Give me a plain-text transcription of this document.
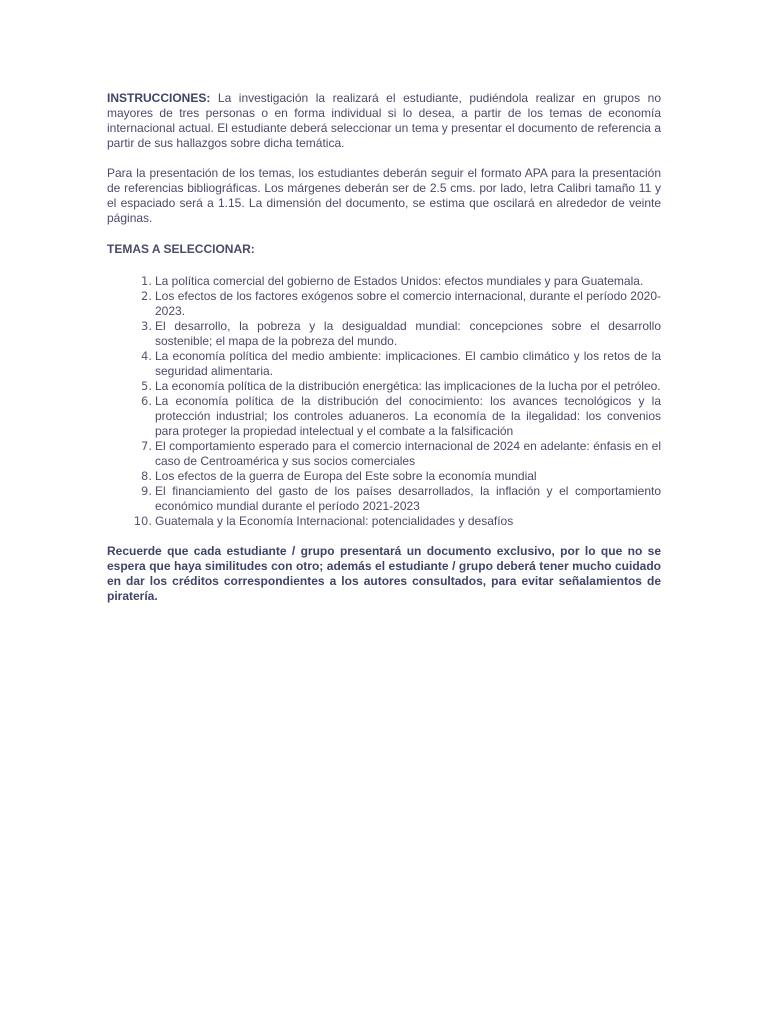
INSTRUCCIONES: La investigación la realizará el estudiante, pudiéndola realizar en grupos no mayores de tres personas o en forma individual si lo desea, a partir de los temas de economía internacional actual. El estudiante deberá seleccionar un tema y presentar el documento de referencia a partir de sus hallazgos sobre dicha temática.

Para la presentación de los temas, los estudiantes deberán seguir el formato APA para la presentación de referencias bibliográficas. Los márgenes deberán ser de 2.5 cms. por lado, letra Calibri tamaño 11 y el espaciado será a 1.15. La dimensión del documento, se estima que oscilará en alrededor de veinte páginas.

TEMAS A SELECCIONAR:
1. La política comercial del gobierno de Estados Unidos: efectos mundiales y para Guatemala.
2. Los efectos de los factores exógenos sobre el comercio internacional, durante el período 2020-2023.
3. El desarrollo, la pobreza y la desigualdad mundial: concepciones sobre el desarrollo sostenible; el mapa de la pobreza del mundo.
4. La economía política del medio ambiente: implicaciones. El cambio climático y los retos de la seguridad alimentaria.
5. La economía política de la distribución energética: las implicaciones de la lucha por el petróleo.
6. La economía política de la distribución del conocimiento: los avances tecnológicos y la protección industrial; los controles aduaneros. La economía de la ilegalidad: los convenios para proteger la propiedad intelectual y el combate a la falsificación
7. El comportamiento esperado para el comercio internacional de 2024 en adelante: énfasis en el caso de Centroamérica y sus socios comerciales
8. Los efectos de la guerra de Europa del Este sobre la economía mundial
9. El financiamiento del gasto de los países desarrollados, la inflación y el comportamiento económico mundial durante el período 2021-2023
10. Guatemala y la Economía Internacional: potencialidades y desafíos

Recuerde que cada estudiante / grupo presentará un documento exclusivo, por lo que no se espera que haya similitudes con otro; además el estudiante / grupo deberá tener mucho cuidado en dar los créditos correspondientes a los autores consultados, para evitar señalamientos de piratería.
